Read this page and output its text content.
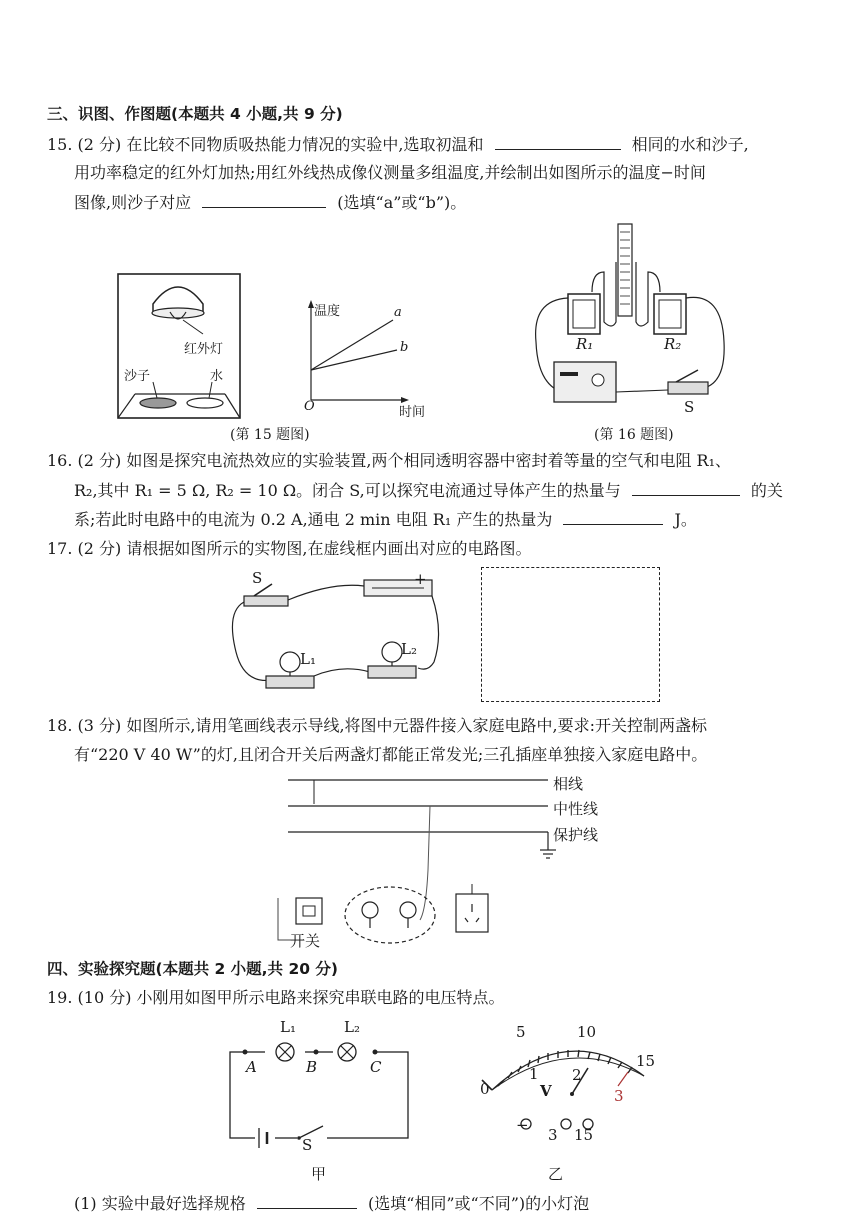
三、识图、作图题(本题共 4 小题,共 9 分)
15. (2 分) 在比较不同物质吸热能力情况的实验中,选取初温和	相同的水和沙子,
用功率稳定的红外灯加热;用红外线热成像仪测量多组温度,并绘制出如图所示的温度−时间
图像,则沙子对应	(选填“a”或“b”)。
红外灯
沙子	水
温度
时间
O
a
b
(第 15 题图)
R₁	R₂
S
(第 16 题图)
16. (2 分) 如图是探究电流热效应的实验装置,两个相同透明容器中密封着等量的空气和电阻 R₁、
R₂,其中 R₁ = 5 Ω, R₂ = 10 Ω。闭合 S,可以探究电流通过导体产生的热量与	的关
系;若此时电路中的电流为 0.2 A,通电 2 min 电阻 R₁ 产生的热量为	J。
17. (2 分) 请根据如图所示的实物图,在虚线框内画出对应的电路图。
S	+
L₁
L₂
18. (3 分) 如图所示,请用笔画线表示导线,将图中元器件接入家庭电路中,要求:开关控制两盏标
有“220 V 40 W”的灯,且闭合开关后两盏灯都能正常发光;三孔插座单独接入家庭电路中。
相线
中性线
保护线
开关
四、实验探究题(本题共 2 小题,共 20 分)
19. (10 分) 小刚用如图甲所示电路来探究串联电路的电压特点。
L₁	L₂
A	B	C
S
甲
0
5	10
15
1 2
3
V
−
3 15
乙
(1) 实验中最好选择规格	(选填“相同”或“不同”)的小灯泡
